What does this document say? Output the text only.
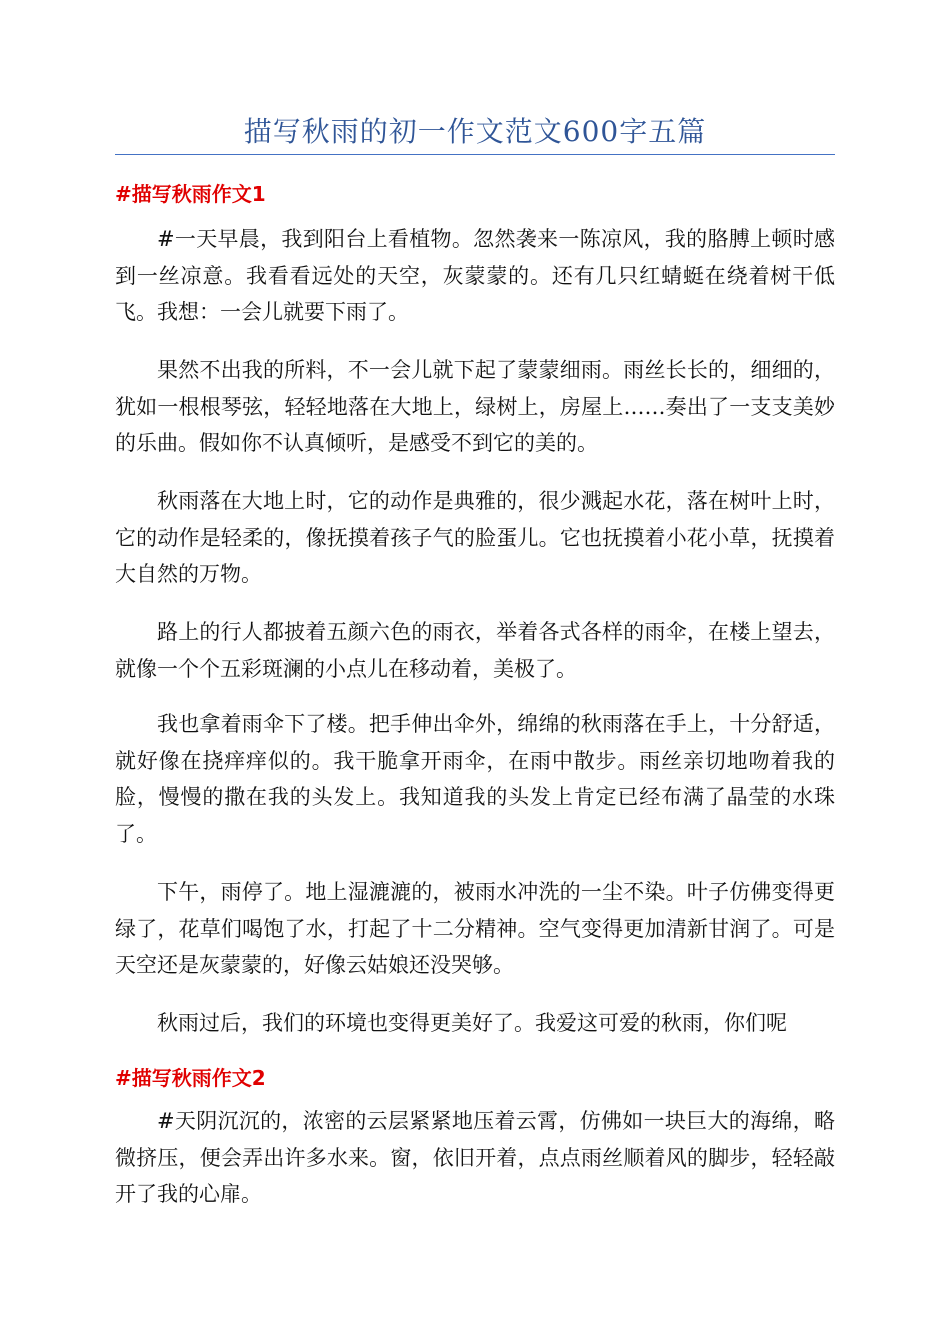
描写秋雨的初一作文范文600字五篇
#描写秋雨作文1

#一天早晨，我到阳台上看植物。忽然袭来一陈凉风，我的胳膊上顿时感到一丝凉意。我看看远处的天空，灰蒙蒙的。还有几只红蜻蜓在绕着树干低飞。我想：一会儿就要下雨了。

果然不出我的所料，不一会儿就下起了蒙蒙细雨。雨丝长长的，细细的，犹如一根根琴弦，轻轻地落在大地上，绿树上，房屋上……奏出了一支支美妙的乐曲。假如你不认真倾听，是感受不到它的美的。

秋雨落在大地上时，它的动作是典雅的，很少溅起水花，落在树叶上时，它的动作是轻柔的，像抚摸着孩子气的脸蛋儿。它也抚摸着小花小草，抚摸着大自然的万物。

路上的行人都披着五颜六色的雨衣，举着各式各样的雨伞，在楼上望去，就像一个个五彩斑澜的小点儿在移动着，美极了。

我也拿着雨伞下了楼。把手伸出伞外，绵绵的秋雨落在手上，十分舒适，就好像在挠痒痒似的。我干脆拿开雨伞，在雨中散步。雨丝亲切地吻着我的脸，慢慢的撒在我的头发上。我知道我的头发上肯定已经布满了晶莹的水珠了。

下午，雨停了。地上湿漉漉的，被雨水冲洗的一尘不染。叶子仿佛变得更绿了，花草们喝饱了水，打起了十二分精神。空气变得更加清新甘润了。可是天空还是灰蒙蒙的，好像云姑娘还没哭够。

秋雨过后，我们的环境也变得更美好了。我爱这可爱的秋雨，你们呢

#描写秋雨作文2

#天阴沉沉的，浓密的云层紧紧地压着云霄，仿佛如一块巨大的海绵，略微挤压，便会弄出许多水来。窗，依旧开着，点点雨丝顺着风的脚步，轻轻敲开了我的心扉。
